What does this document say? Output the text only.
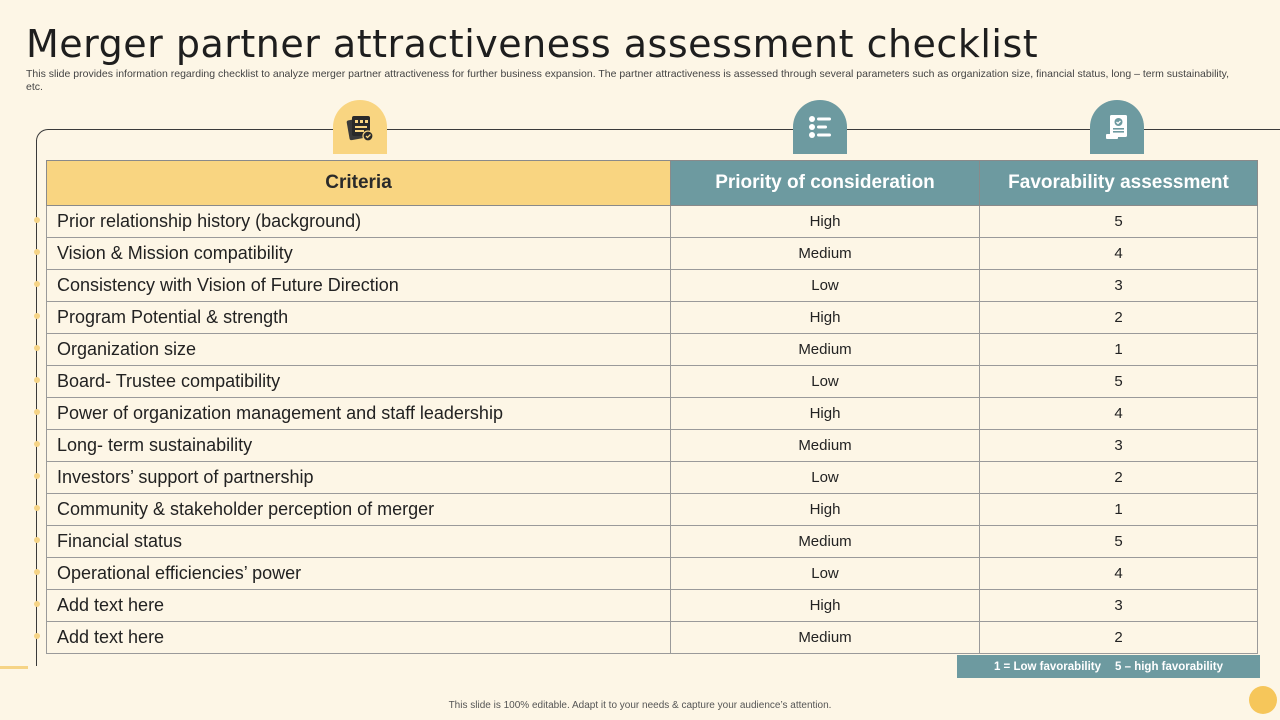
Merger partner attractiveness assessment checklist
This slide provides information regarding checklist to analyze merger partner attractiveness for further business expansion. The partner attractiveness is assessed through several parameters such as organization size, financial status, long – term sustainability, etc.
Criteria	Priority of consideration	Favorability assessment
Prior relationship history (background)	High	5
Vision & Mission compatibility	Medium	4
Consistency with Vision of Future Direction	Low	3
Program Potential & strength	High	2
Organization size	Medium	1
Board- Trustee compatibility	Low	5
Power of organization management and staff leadership	High	4
Long- term sustainability	Medium	3
Investors’ support of partnership	Low	2
Community & stakeholder perception of merger	High	1
Financial status	Medium	5
Operational efficiencies’ power	Low	4
Add text here	High	3
Add text here	Medium	2
1 = Low favorability 5 – high favorability
This slide is 100% editable. Adapt it to your needs & capture your audience’s attention.
